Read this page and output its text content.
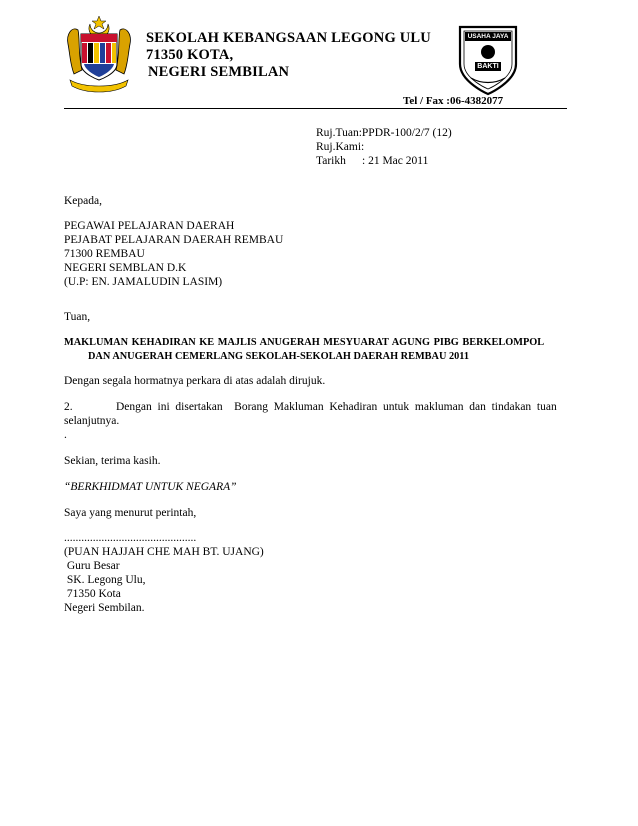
SEKOLAH KEBANGSAAN LEGONG ULU
71350 KOTA,
NEGERI SEMBILAN
USAHA JAYA
BAKTI
Tel / Fax :06-4382077
Ruj.Tuan:PPDR-100/2/7 (12)
Ruj.Kami:
Tarikh : 21 Mac 2011
Kepada,
PEGAWAI PELAJARAN DAERAH
PEJABAT PELAJARAN DAERAH REMBAU
71300 REMBAU
NEGERI SEMBLAN D.K
(U.P: EN. JAMALUDIN LASIM)
Tuan,
MAKLUMAN KEHADIRAN KE MAJLIS ANUGERAH MESYUARAT AGUNG PIBG BERKELOMPOL
DAN ANUGERAH CEMERLANG SEKOLAH-SEKOLAH DAERAH REMBAU 2011
Dengan segala hormatnya perkara di atas adalah dirujuk.
2.	Dengan  ini  disertakan    Borang  Makluman  Kehadiran  untuk  makluman  dan  tindakan  tuan
selanjutnya.
.
Sekian, terima kasih.
“BERKHIDMAT UNTUK NEGARA”
Saya yang menurut perintah,
..............................................
(PUAN HAJJAH CHE MAH BT. UJANG)
Guru Besar
SK. Legong Ulu,
71350 Kota
Negeri Sembilan.
